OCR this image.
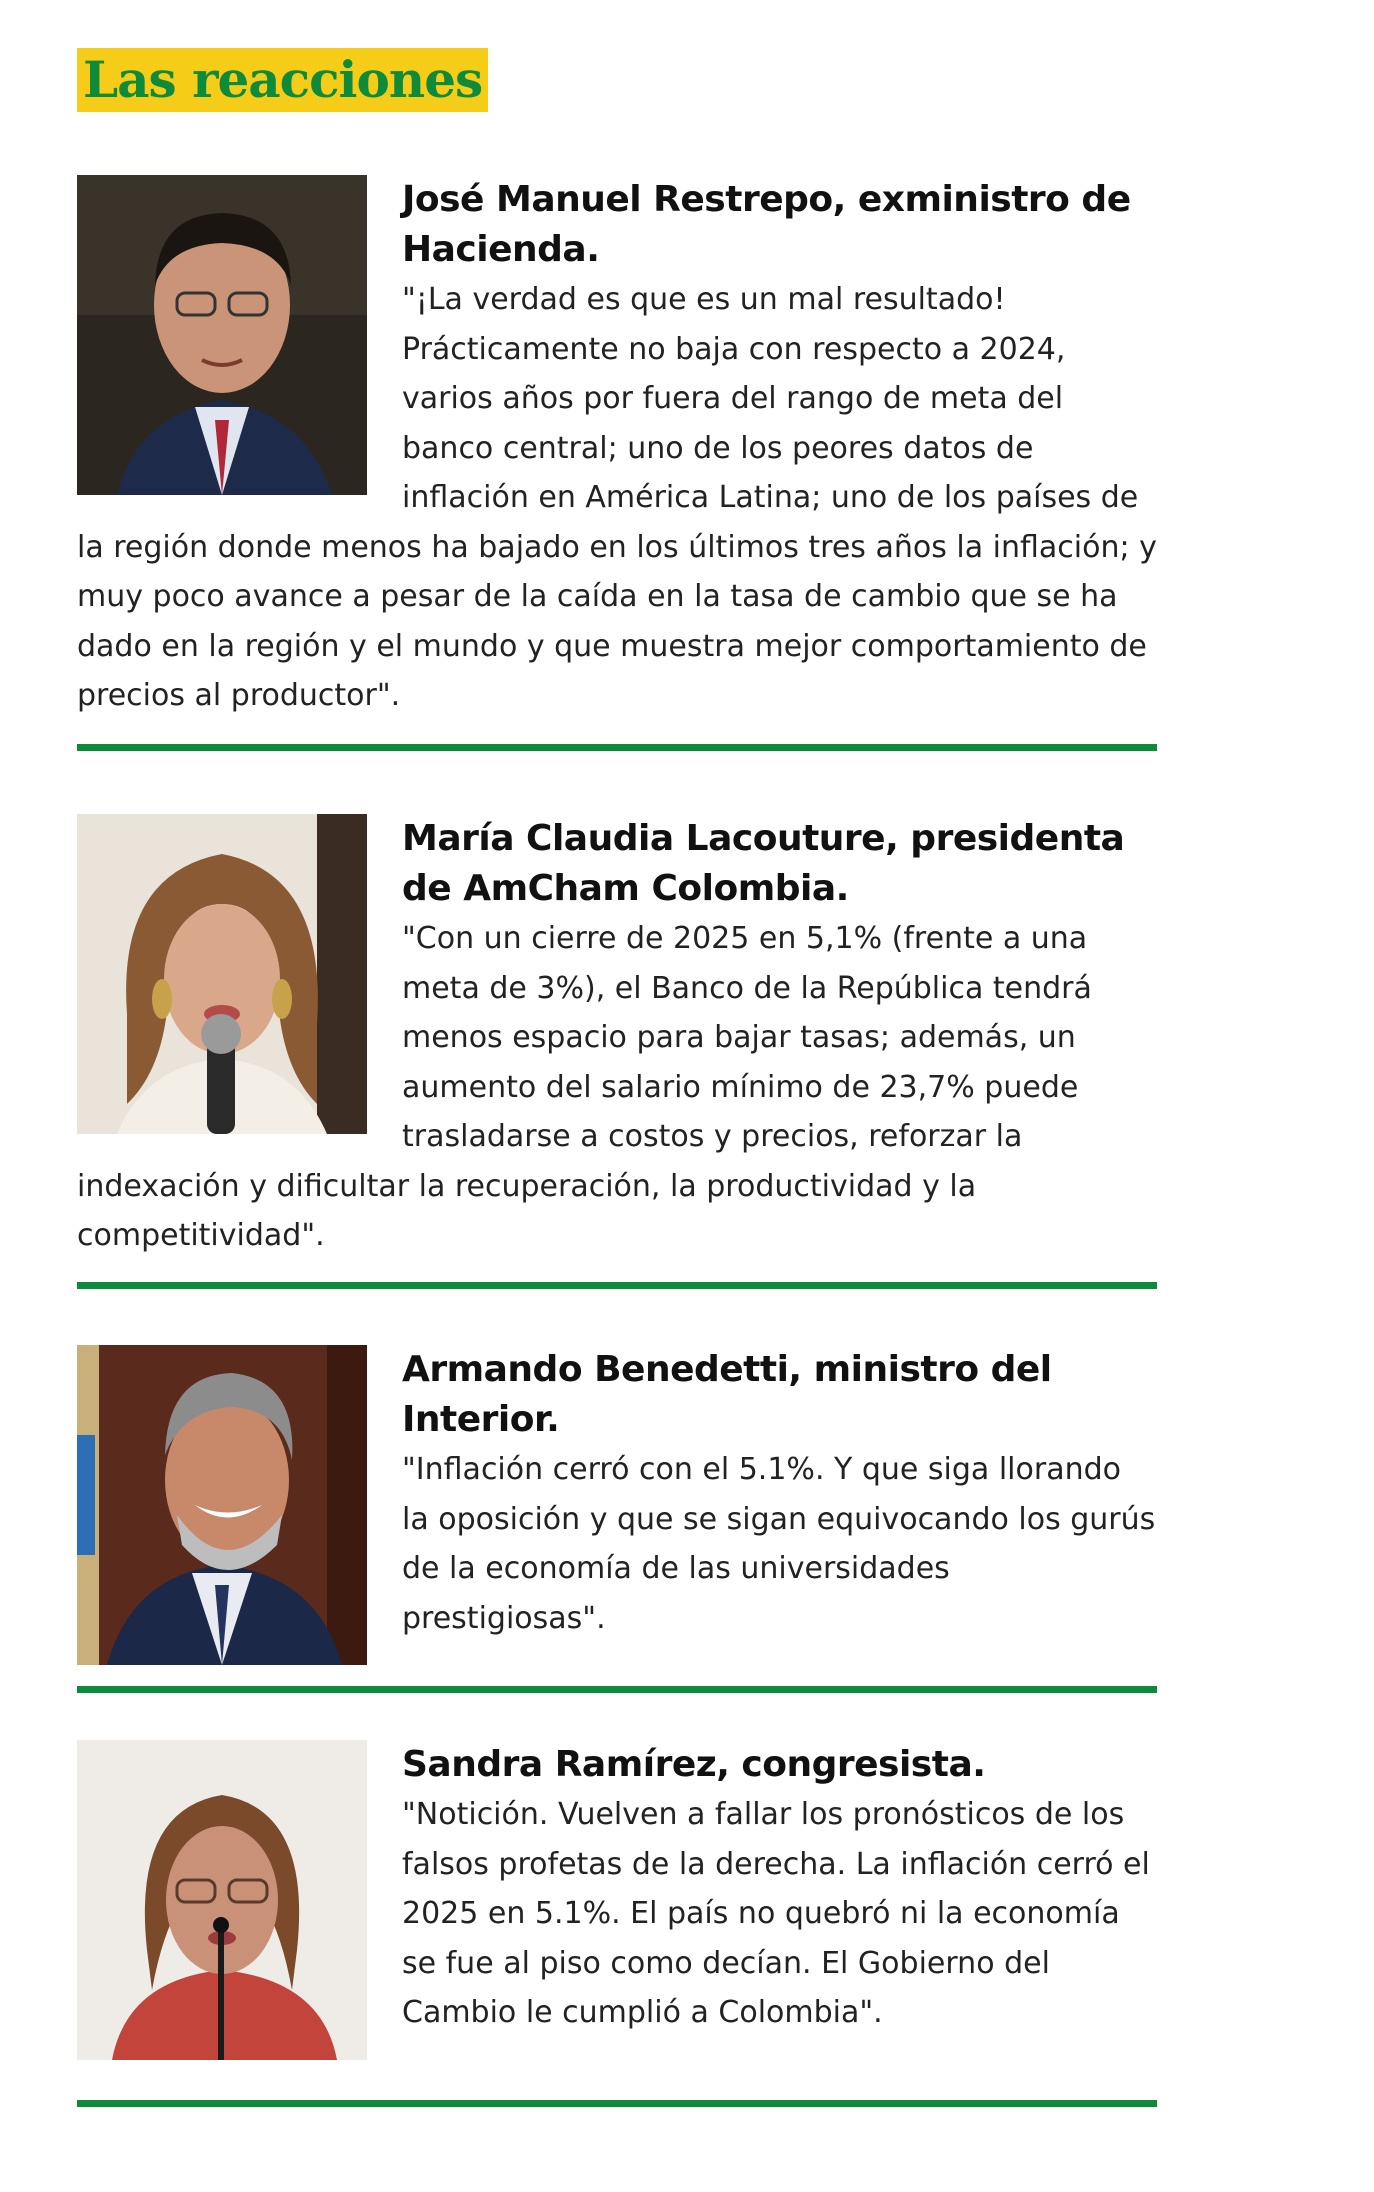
Las reacciones
José Manuel Restrepo, exministro de Hacienda.
"¡La verdad es que es un mal resultado! Prácticamente no baja con respecto a 2024, varios años por fuera del rango de meta del banco central; uno de los peores datos de inflación en América Latina; uno de los países de la región donde menos ha bajado en los últimos tres años la inflación; y muy poco avance a pesar de la caída en la tasa de cambio que se ha dado en la región y el mundo y que muestra mejor comportamiento de precios al productor".
María Claudia Lacouture, presidenta de AmCham Colombia.
"Con un cierre de 2025 en 5,1% (frente a una meta de 3%), el Banco de la República tendrá menos espacio para bajar tasas; además, un aumento del salario mínimo de 23,7% puede trasladarse a costos y precios, reforzar la indexación y dificultar la recuperación, la productividad y la competitividad".
Armando Benedetti, ministro del Interior.
"Inflación cerró con el 5.1%. Y que siga llorando la oposición y que se sigan equivocando los gurús de la economía de las universidades prestigiosas".
Sandra Ramírez, congresista.
"Notición. Vuelven a fallar los pronósticos de los falsos profetas de la derecha. La inflación cerró el 2025 en 5.1%. El país no quebró ni la economía se fue al piso como decían. El Gobierno del Cambio le cumplió a Colombia".
